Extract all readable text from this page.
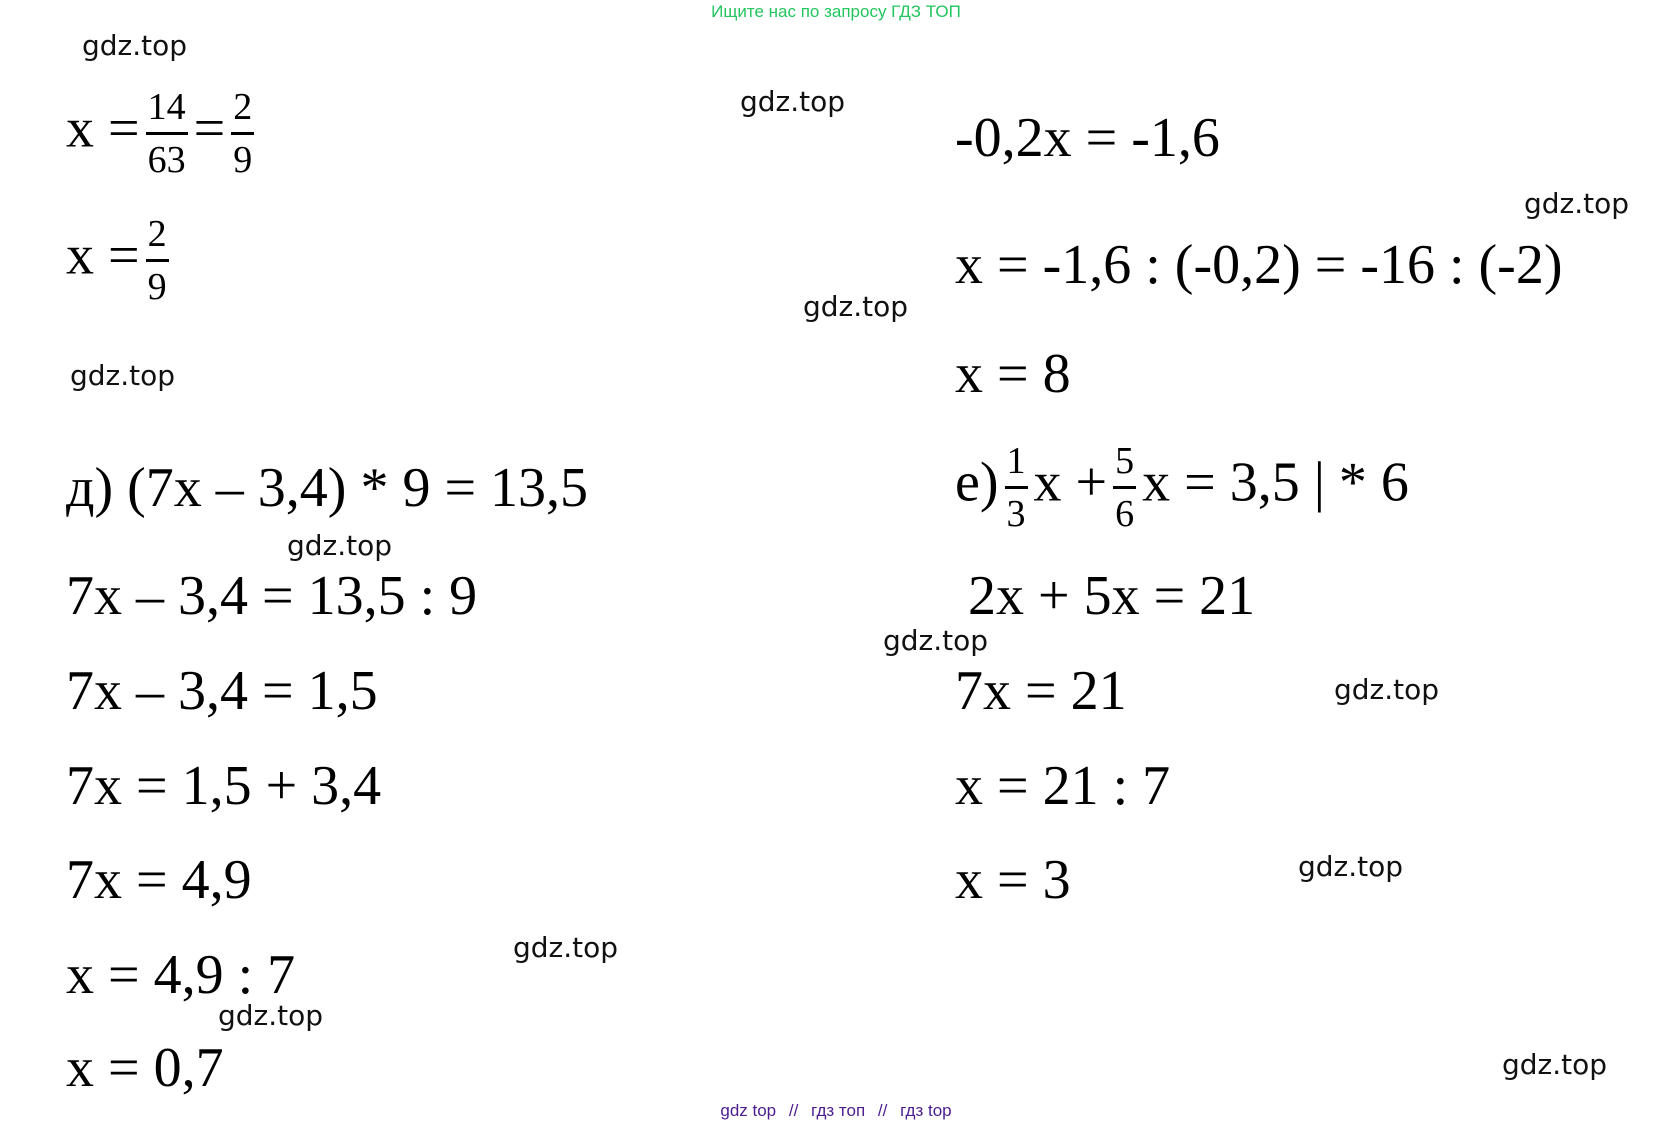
Ищите нас по запросу ГДЗ ТОП
gdz.top
gdz.top
gdz.top
gdz.top
gdz.top
gdz.top
gdz.top
gdz.top
gdz.top
gdz.top
gdz.top
gdz.top
$x = \frac{14}{63} = \frac{2}{9}$
$x = \frac{2}{9}$
д) (7x – 3,4) * 9 = 13,5
7x – 3,4 = 13,5 : 9
7x – 3,4 = 1,5
7x = 1,5 + 3,4
7x = 4,9
x = 4,9 : 7
x = 0,7
-0,2x = -1,6
x = -1,6 : (-0,2) = -16 : (-2)
x = 8
$е) \frac{1}{3}$ $x + \frac{5}{6}$ x = 3,5 | * 6
2x + 5x = 21
7x = 21
x = 21 : 7
x = 3
gdz top // гдз топ // гдз top
